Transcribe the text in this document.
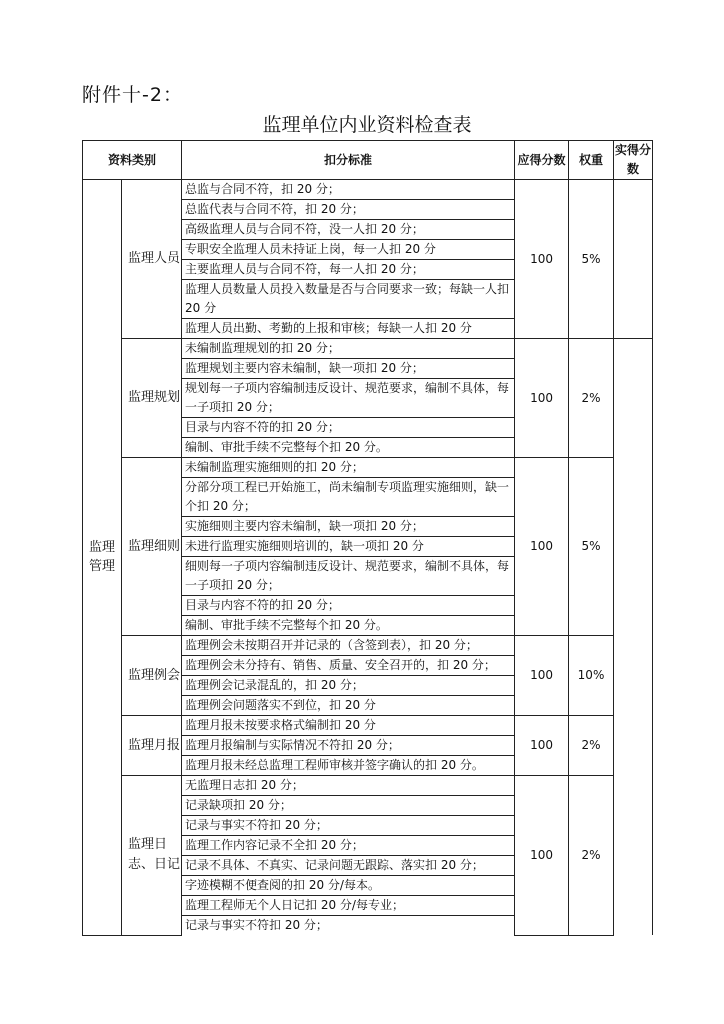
附件十-2：
监理单位内业资料检查表
资料类别		扣分标准	应得分数	权重	实得分数
监理管理	监理人员	总监与合同不符，扣 20 分；	100	5%	
		总监代表与合同不符，扣 20 分；			
		高级监理人员与合同不符，没一人扣 20 分；			
		专职安全监理人员未持证上岗，每一人扣 20 分			
		主要监理人员与合同不符，每一人扣 20 分；			
		监理人员数量人员投入数量是否与合同要求一致；每缺一人扣 20 分			
		监理人员出勤、考勤的上报和审核；每缺一人扣 20 分			
	监理规划	未编制监理规划的扣 20 分；	100	2%	
		监理规划主要内容未编制，缺一项扣 20 分；			
		规划每一子项内容编制违反设计、规范要求，编制不具体，每一子项扣 20 分；			
		目录与内容不符的扣 20 分；			
		编制、审批手续不完整每个扣 20 分。			
	监理细则	未编制监理实施细则的扣 20 分；	100	5%	
		分部分项工程已开始施工，尚未编制专项监理实施细则，缺一个扣 20 分；			
		实施细则主要内容未编制，缺一项扣 20 分；			
		未进行监理实施细则培训的，缺一项扣 20 分			
		细则每一子项内容编制违反设计、规范要求，编制不具体，每一子项扣 20 分；			
		目录与内容不符的扣 20 分；			
		编制、审批手续不完整每个扣 20 分。			
	监理例会	监理例会未按期召开并记录的（含签到表），扣 20 分；	100	10%	
		监理例会未分持有、销售、质量、安全召开的，扣 20 分；			
		监理例会记录混乱的，扣 20 分；			
		监理例会问题落实不到位，扣 20 分			
	监理月报	监理月报未按要求格式编制扣 20 分	100	2%	
		监理月报编制与实际情况不符扣 20 分；			
		监理月报未经总监理工程师审核并签字确认的扣 20 分。			
	监理日志、日记	无监理日志扣 20 分；	100	2%	
		记录缺项扣 20 分；			
		记录与事实不符扣 20 分；			
		监理工作内容记录不全扣 20 分；			
		记录不具体、不真实、记录问题无跟踪、落实扣 20 分；			
		字迹模糊不便查阅的扣 20 分/每本。			
		监理工程师无个人日记扣 20 分/每专业；			
		记录与事实不符扣 20 分；			
